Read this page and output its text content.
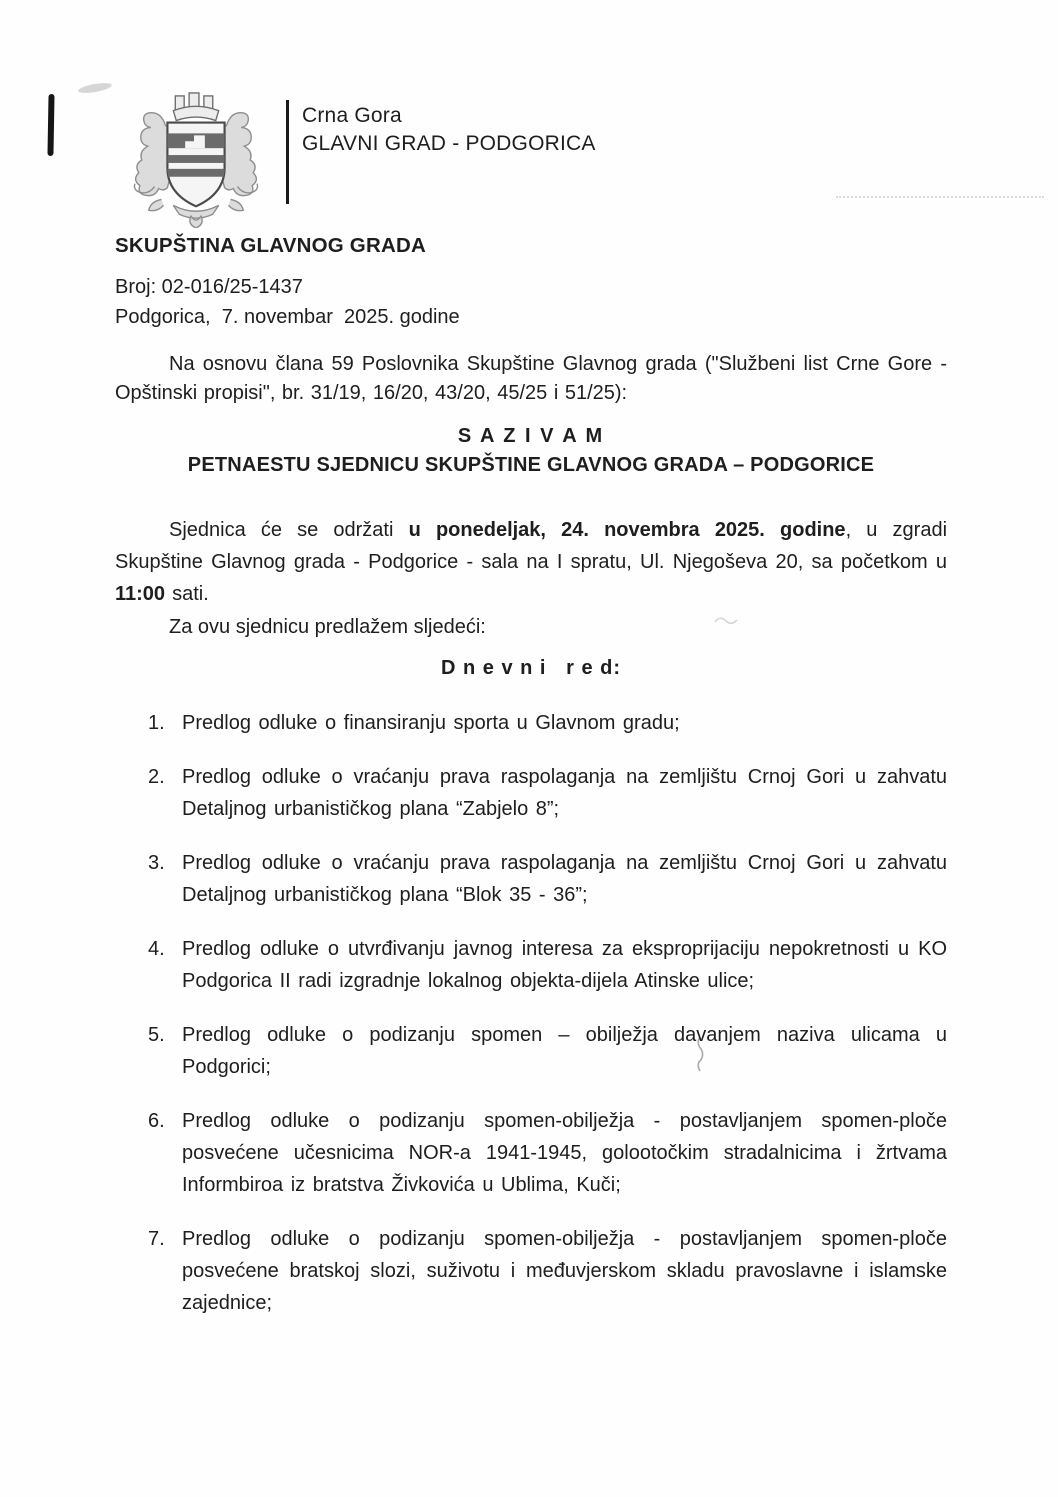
Crna Gora
GLAVNI GRAD - PODGORICA
SKUPŠTINA GLAVNOG GRADA

Broj: 02-016/25-1437

Podgorica,  7. novembar  2025. godine

Na osnovu člana 59 Poslovnika Skupštine Glavnog grada ("Službeni list Crne Gore - Opštinski propisi", br. 31/19, 16/20, 43/20, 45/25 i 51/25):

S A Z I V A M
PETNAESTU SJEDNICU SKUPŠTINE GLAVNOG GRADA – PODGORICE

Sjednica će se održati u ponedeljak, 24. novembra 2025. godine, u zgradi Skupštine Glavnog grada - Podgorice - sala na I spratu, Ul. Njegoševa 20, sa početkom u 11:00 sati.

Za ovu sjednicu predlažem sljedeći:

D n e v n i   r e d:
1. Predlog odluke o finansiranju sporta u Glavnom gradu;
2. Predlog odluke o vraćanju prava raspolaganja na zemljištu Crnoj Gori u zahvatu Detaljnog urbanističkog plana “Zabjelo 8”;
3. Predlog odluke o vraćanju prava raspolaganja na zemljištu Crnoj Gori u zahvatu Detaljnog urbanističkog plana “Blok 35 - 36”;
4. Predlog odluke o utvrđivanju javnog interesa za eksproprijaciju nepokretnosti u KO Podgorica II radi izgradnje lokalnog objekta-dijela Atinske ulice;
5. Predlog odluke o podizanju spomen – obilježja davanjem naziva ulicama u Podgorici;
6. Predlog odluke o podizanju spomen-obilježja - postavljanjem spomen-ploče posvećene učesnicima NOR-a 1941-1945, golootočkim stradalnicima i žrtvama Informbiroa iz bratstva Živkovića u Ublima, Kuči;
7. Predlog odluke o podizanju spomen-obilježja - postavljanjem spomen-ploče posvećene bratskoj slozi, suživotu i međuvjerskom skladu pravoslavne i islamske zajednice;
